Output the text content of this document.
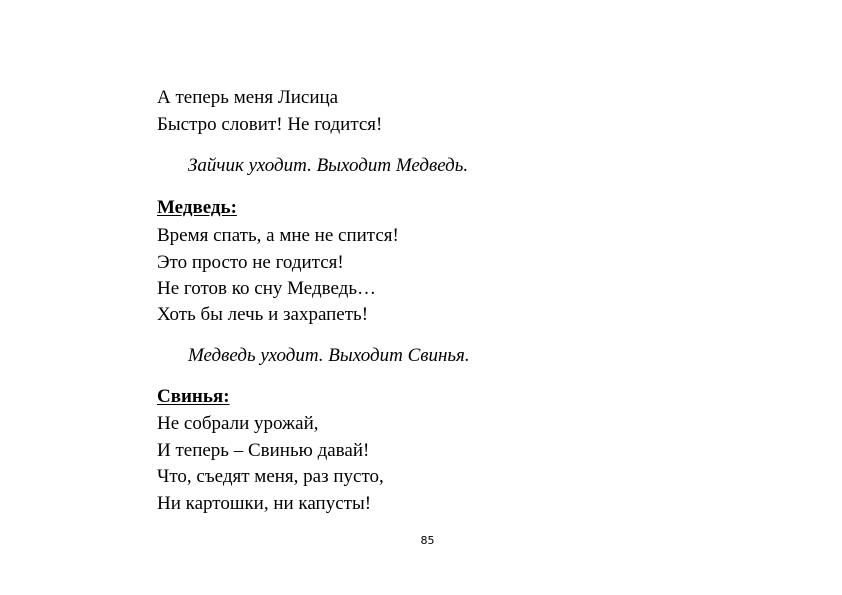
А теперь меня Лисица
Быстро словит! Не годится!
Зайчик уходит. Выходит Медведь.
Медведь:
Время спать, а мне не спится!
Это просто не годится!
Не готов ко сну Медведь…
Хоть бы лечь и захрапеть!
Медведь уходит. Выходит Свинья.
Свинья:
Не собрали урожай,
И теперь – Свинью давай!
Что, съедят меня, раз пусто,
Ни картошки, ни капусты!
85
